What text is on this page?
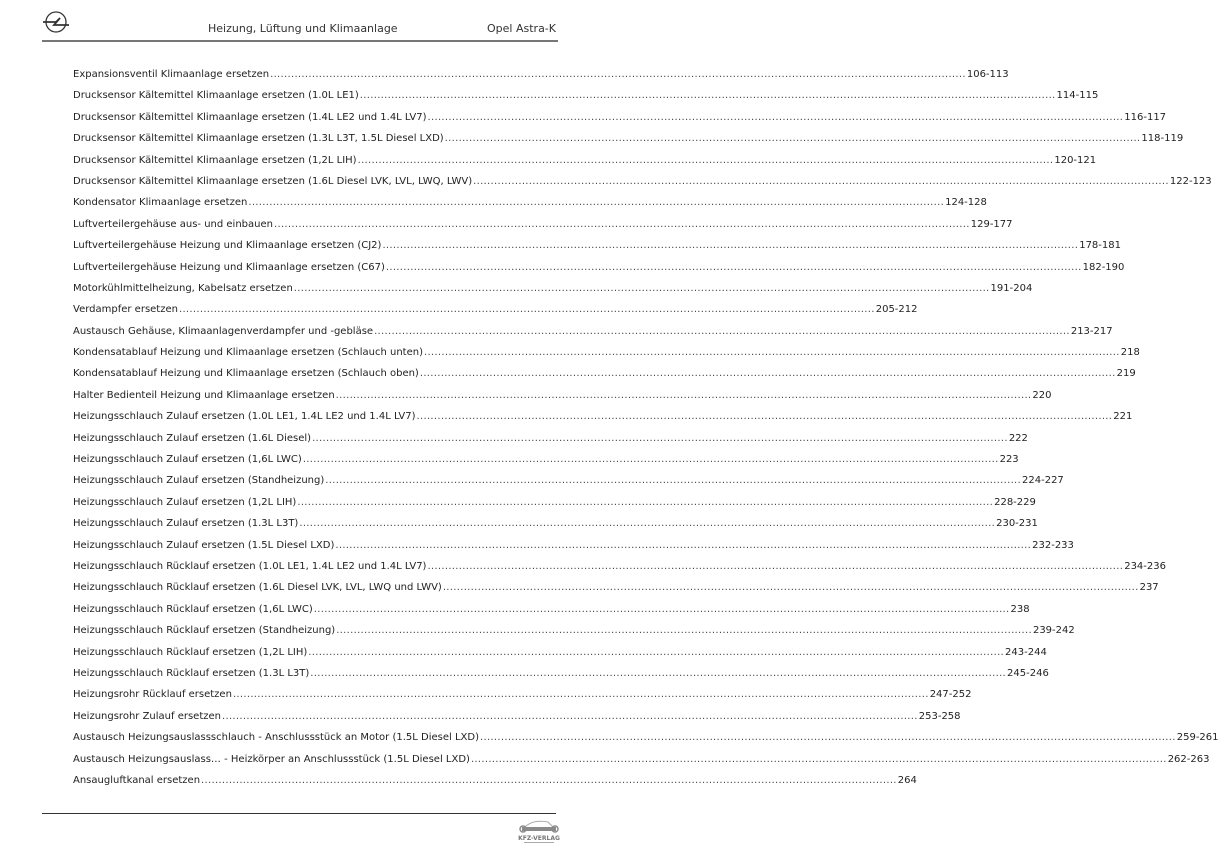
Heizung, Lüftung und Klimaanlage	Opel Astra-K
Expansionsventil Klimaanlage ersetzen ........................................................................................................................................................................................................ 106-113
Drucksensor Kältemittel Klimaanlage ersetzen (1.0L LE1) ........................................................................................................................................................................................................ 114-115
Drucksensor Kältemittel Klimaanlage ersetzen (1.4L LE2 und 1.4L LV7) ........................................................................................................................................................................................................ 116-117
Drucksensor Kältemittel Klimaanlage ersetzen (1.3L L3T, 1.5L Diesel LXD) ........................................................................................................................................................................................................ 118-119
Drucksensor Kältemittel Klimaanlage ersetzen (1,2L LIH) ........................................................................................................................................................................................................ 120-121
Drucksensor Kältemittel Klimaanlage ersetzen (1.6L Diesel LVK, LVL, LWQ, LWV) ........................................................................................................................................................................................................ 122-123
Kondensator Klimaanlage ersetzen ........................................................................................................................................................................................................ 124-128
Luftverteilergehäuse aus- und einbauen ........................................................................................................................................................................................................ 129-177
Luftverteilergehäuse Heizung und Klimaanlage ersetzen (CJ2) ........................................................................................................................................................................................................ 178-181
Luftverteilergehäuse Heizung und Klimaanlage ersetzen (C67) ........................................................................................................................................................................................................ 182-190
Motorkühlmittelheizung, Kabelsatz ersetzen ........................................................................................................................................................................................................ 191-204
Verdampfer ersetzen ........................................................................................................................................................................................................ 205-212
Austausch Gehäuse, Klimaanlagenverdampfer und -gebläse ........................................................................................................................................................................................................ 213-217
Kondensatablauf Heizung und Klimaanlage ersetzen (Schlauch unten) ........................................................................................................................................................................................................ 218
Kondensatablauf Heizung und Klimaanlage ersetzen (Schlauch oben) ........................................................................................................................................................................................................ 219
Halter Bedienteil Heizung und Klimaanlage ersetzen ........................................................................................................................................................................................................ 220
Heizungsschlauch Zulauf ersetzen (1.0L LE1, 1.4L LE2 und 1.4L LV7) ........................................................................................................................................................................................................ 221
Heizungsschlauch Zulauf ersetzen (1.6L Diesel) ........................................................................................................................................................................................................ 222
Heizungsschlauch Zulauf ersetzen (1,6L LWC) ........................................................................................................................................................................................................ 223
Heizungsschlauch Zulauf ersetzen (Standheizung) ........................................................................................................................................................................................................ 224-227
Heizungsschlauch Zulauf ersetzen (1,2L LIH) ........................................................................................................................................................................................................ 228-229
Heizungsschlauch Zulauf ersetzen (1.3L L3T) ........................................................................................................................................................................................................ 230-231
Heizungsschlauch Zulauf ersetzen (1.5L Diesel LXD) ........................................................................................................................................................................................................ 232-233
Heizungsschlauch Rücklauf ersetzen (1.0L LE1, 1.4L LE2 und 1.4L LV7) ........................................................................................................................................................................................................ 234-236
Heizungsschlauch Rücklauf ersetzen (1.6L Diesel LVK, LVL, LWQ und LWV) ........................................................................................................................................................................................................ 237
Heizungsschlauch Rücklauf ersetzen (1,6L LWC) ........................................................................................................................................................................................................ 238
Heizungsschlauch Rücklauf ersetzen (Standheizung) ........................................................................................................................................................................................................ 239-242
Heizungsschlauch Rücklauf ersetzen (1,2L LIH) ........................................................................................................................................................................................................ 243-244
Heizungsschlauch Rücklauf ersetzen (1.3L L3T) ........................................................................................................................................................................................................ 245-246
Heizungsrohr Rücklauf ersetzen ........................................................................................................................................................................................................ 247-252
Heizungsrohr Zulauf ersetzen ........................................................................................................................................................................................................ 253-258
Austausch Heizungsauslassschlauch - Anschlussstück an Motor (1.5L Diesel LXD) ........................................................................................................................................................................................................ 259-261
Austausch Heizungsauslass… - Heizkörper an Anschlussstück (1.5L Diesel LXD) ........................................................................................................................................................................................................ 262-263
Ansaugluftkanal ersetzen ........................................................................................................................................................................................................ 264
KFZ-VERLAG
